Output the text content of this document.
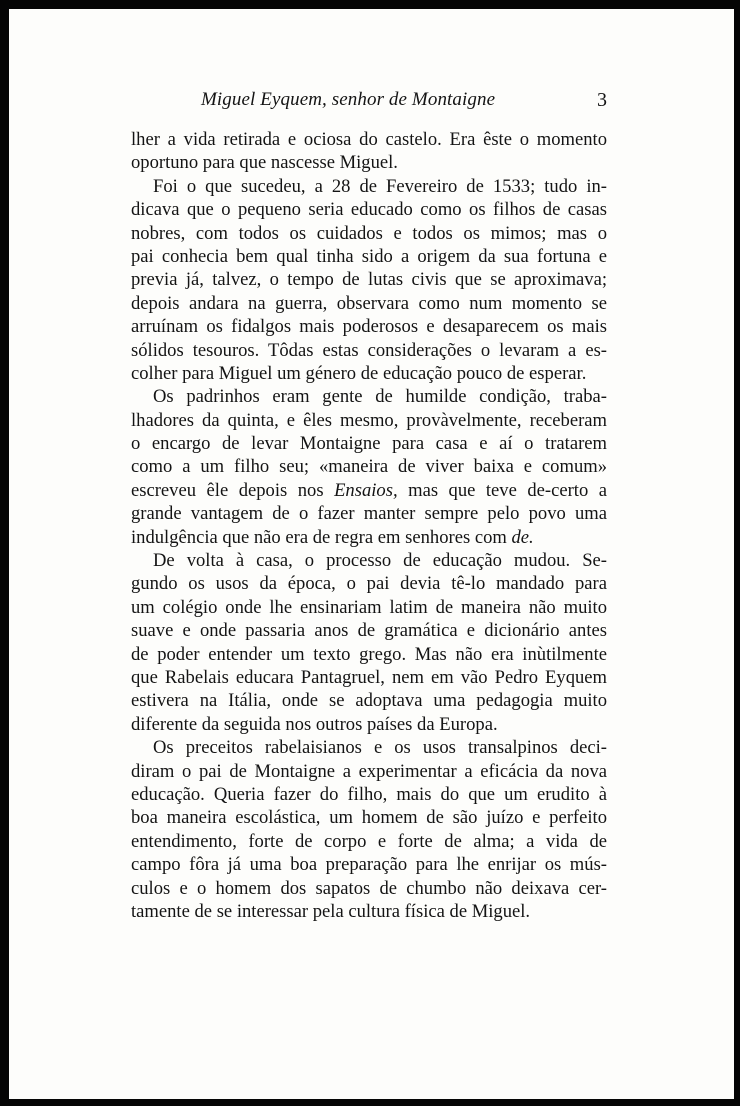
Miguel Eyquem, senhor de Montaigne	3

lher a vida retirada e ociosa do castelo. Era êste o momento
oportuno para que nascesse Miguel.

Foi o que sucedeu, a 28 de Fevereiro de 1533; tudo in-
dicava que o pequeno seria educado como os filhos de casas
nobres, com todos os cuidados e todos os mimos; mas o
pai conhecia bem qual tinha sido a origem da sua fortuna e
previa já, talvez, o tempo de lutas civis que se aproximava;
depois andara na guerra, observara como num momento se
arruínam os fidalgos mais poderosos e desaparecem os mais
sólidos tesouros. Tôdas estas considerações o levaram a es-
colher para Miguel um género de educação pouco de esperar.

Os padrinhos eram gente de humilde condição, traba-
lhadores da quinta, e êles mesmo, provàvelmente, receberam
o encargo de levar Montaigne para casa e aí o tratarem
como a um filho seu; «maneira de viver baixa e comum»
escreveu êle depois nos Ensaios, mas que teve de-certo a
grande vantagem de o fazer manter sempre pelo povo uma
indulgência que não era de regra em senhores com de.

De volta à casa, o processo de educação mudou. Se-
gundo os usos da época, o pai devia tê-lo mandado para
um colégio onde lhe ensinariam latim de maneira não muito
suave e onde passaria anos de gramática e dicionário antes
de poder entender um texto grego. Mas não era inùtilmente
que Rabelais educara Pantagruel, nem em vão Pedro Eyquem
estivera na Itália, onde se adoptava uma pedagogia muito
diferente da seguida nos outros países da Europa.

Os preceitos rabelaisianos e os usos transalpinos deci-
diram o pai de Montaigne a experimentar a eficácia da nova
educação. Queria fazer do filho, mais do que um erudito à
boa maneira escolástica, um homem de são juízo e perfeito
entendimento, forte de corpo e forte de alma; a vida de
campo fôra já uma boa preparação para lhe enrijar os mús-
culos e o homem dos sapatos de chumbo não deixava cer-
tamente de se interessar pela cultura física de Miguel.
